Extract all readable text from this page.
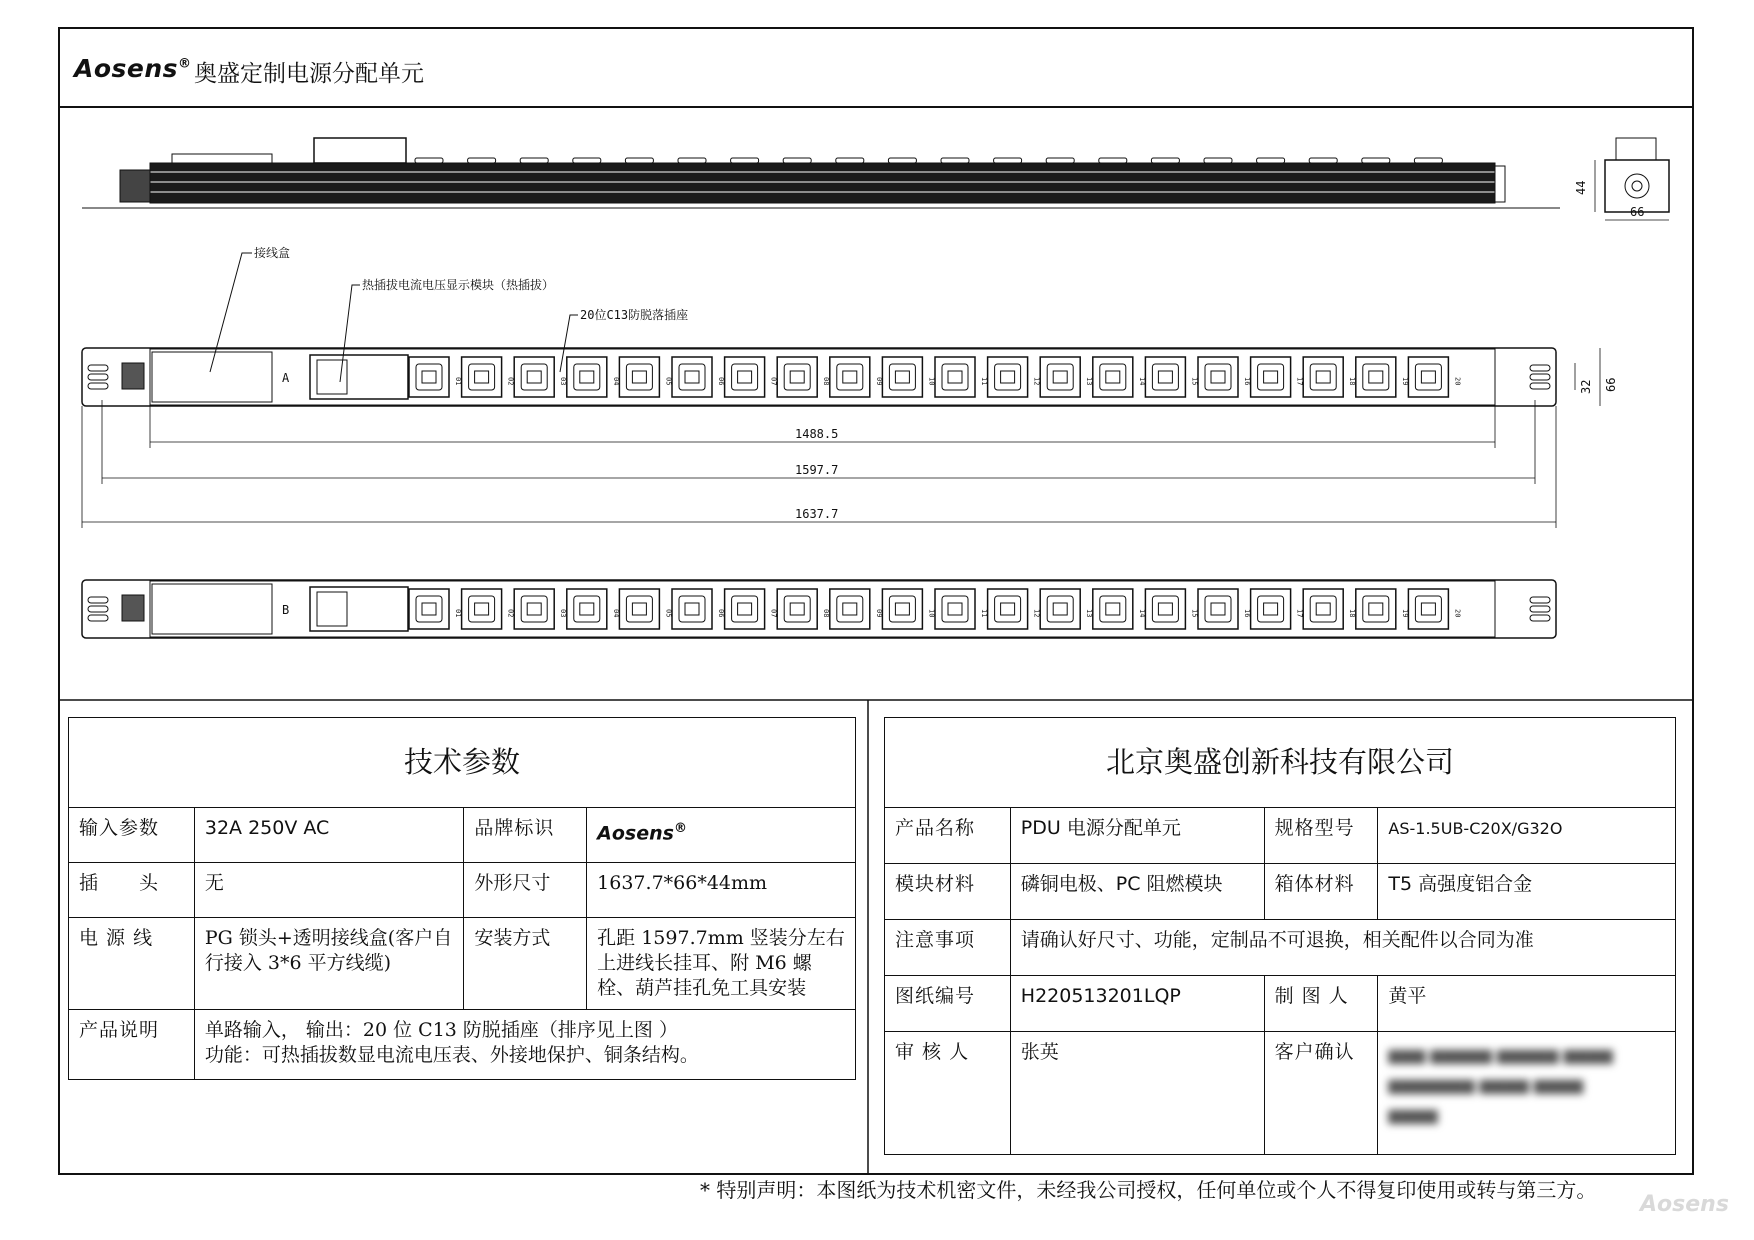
Aosens® 奥盛定制电源分配单元
44
66
接线盒
热插拔电流电压显示模块（热插拔）
20位C13防脱落插座
A	01	02	03	04	05	06	07	08	09	10	11	12	13	14	15	16	17	18	19	20	32 66
1488.5
1597.7
1637.7
B	01	02	03	04	05	06	07	08	09	10	11	12	13	14	15	16	17	18	19	20
技术参数			
输入参数	32A 250V AC	品牌标识	Aosens®
插　　头	无	外形尺寸	1637.7*66*44mm
电 源 线	PG 锁头+透明接线盒(客户自行接入 3*6 平方线缆)	安装方式	孔距 1597.7mm 竖装分左右上进线长挂耳、附 M6 螺栓、葫芦挂孔免工具安装
产品说明	单路输入， 输出：20 位 C13 防脱插座（排序见上图 ）
功能：可热插拔数显电流电压表、外接地保护、铜条结构。		
北京奥盛创新科技有限公司			
产品名称	PDU 电源分配单元	规格型号	AS-1.5UB-C20X/G32O
模块材料	磷铜电极、PC 阻燃模块	箱体材料	T5 高强度铝合金
注意事项	请确认好尺寸、功能，定制品不可退换，相关配件以合同为准		
图纸编号	H220513201LQP	制 图 人	黄平
审 核 人	张英	客户确认	▆▆▆ ▆▆▆▆▆ ▆▆▆▆▆ ▆▆▆▆
▆▆▆▆▆▆▆ ▆▆▆▆ ▆▆▆▆
▆▆▆▆
* 特别声明：本图纸为技术机密文件，未经我公司授权，任何单位或个人不得复印使用或转与第三方。
Aosens
